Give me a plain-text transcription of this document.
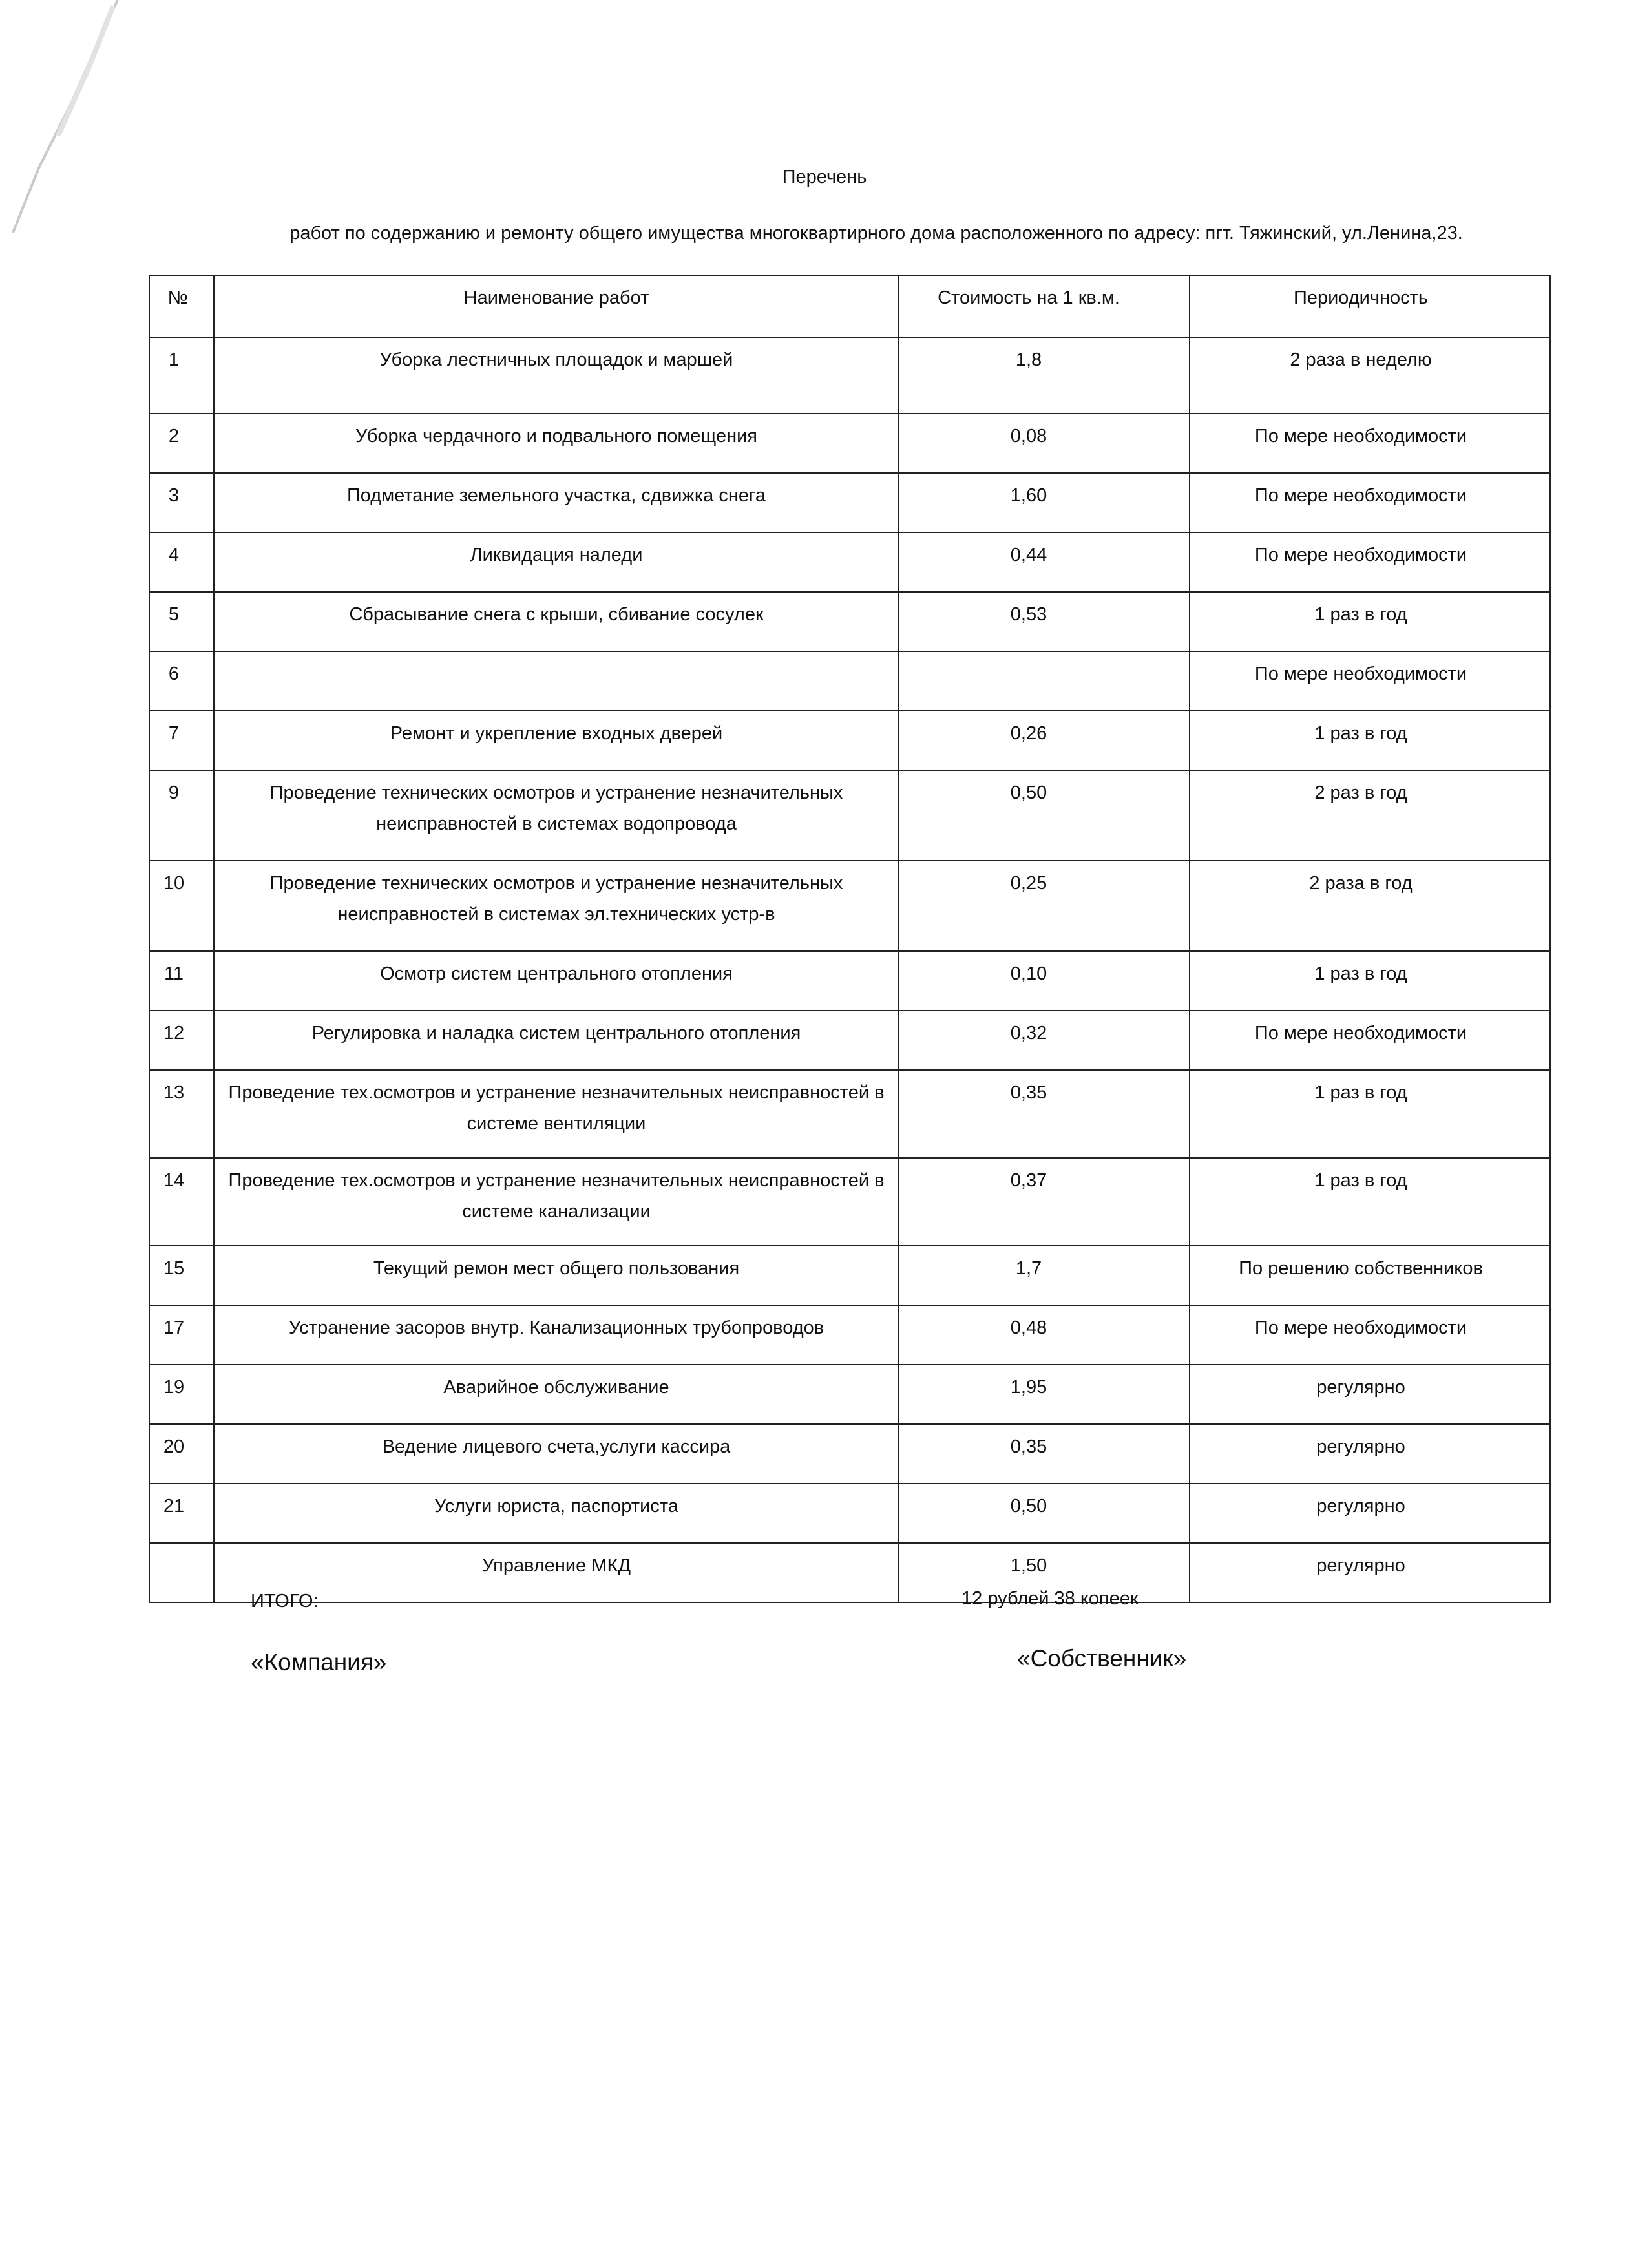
Перечень
работ по содержанию и ремонту общего имущества многоквартирного дома расположенного по адресу: пгт. Тяжинский, ул.Ленина,23.
№	Наименование работ	Стоимость на 1 кв.м.	Периодичность
1	Уборка лестничных площадок и маршей	1,8	2 раза в неделю
2	Уборка чердачного и подвального помещения	0,08	По мере необходимости
3	Подметание земельного участка, сдвижка снега	1,60	По мере необходимости
4	Ликвидация наледи	0,44	По мере необходимости
5	Сбрасывание снега с крыши, сбивание сосулек	0,53	1 раз в год
6			По мере необходимости
7	Ремонт и укрепление входных дверей	0,26	1 раз в год
9	Проведение технических осмотров и устранение незначительных неисправностей в системах водопровода	0,50	2 раз в год
10	Проведение технических осмотров и устранение незначительных неисправностей в системах эл.технических устр-в	0,25	2 раза в год
11	Осмотр систем центрального отопления	0,10	1 раз в год
12	Регулировка и наладка систем центрального отопления	0,32	По мере необходимости
13	Проведение тех.осмотров и устранение незначительных неисправностей в системе вентиляции	0,35	1 раз в год
14	Проведение тех.осмотров и устранение незначительных неисправностей в системе канализации	0,37	1 раз в год
15	Текущий ремон мест общего пользования	1,7	По решению собственников
17	Устранение засоров внутр. Канализационных трубопроводов	0,48	По мере необходимости
19	Аварийное обслуживание	1,95	регулярно
20	Ведение лицевого счета,услуги кассира	0,35	регулярно
21	Услуги юриста, паспортиста	0,50	регулярно
	Управление МКД	1,50	регулярно
ИТОГО:	12 рублей 38 копеек
«Компания»	«Собственник»
